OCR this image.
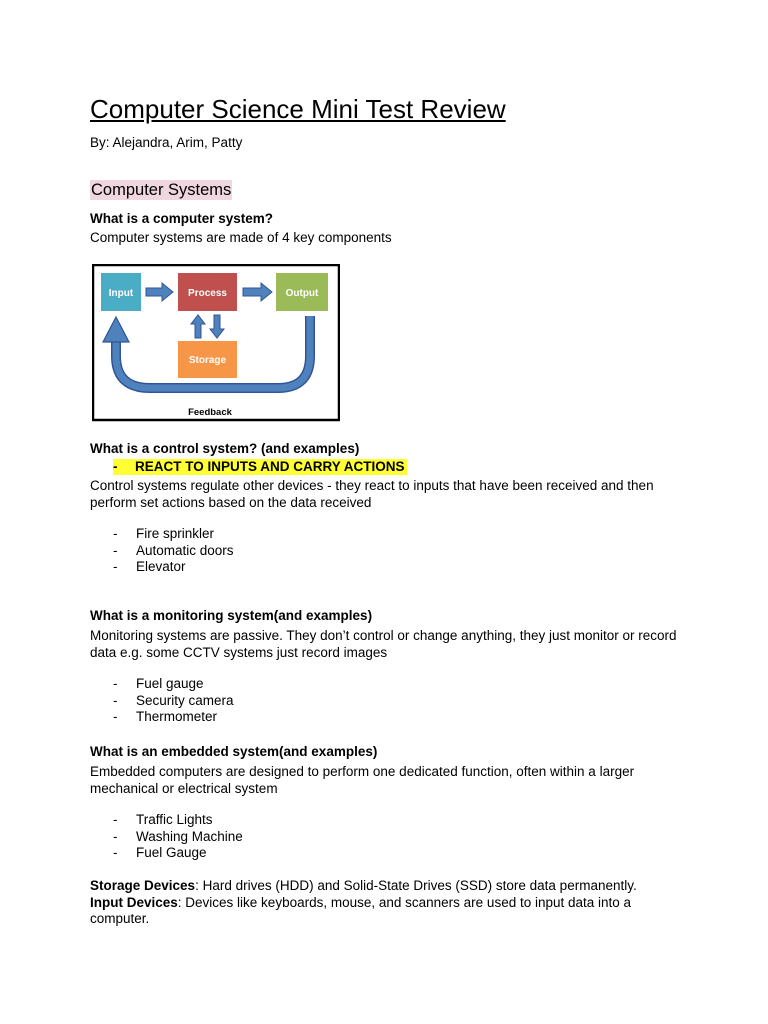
Computer Science Mini Test Review
By: Alejandra, Arim, Patty
Computer Systems
What is a computer system?
Computer systems are made of 4 key components
What is a control system? (and examples)
- REACT TO INPUTS AND CARRY ACTIONS
Control systems regulate other devices - they react to inputs that have been received and then perform set actions based on the data received
- Fire sprinkler
- Automatic doors
- Elevator
What is a monitoring system(and examples)
Monitoring systems are passive. They don’t control or change anything, they just monitor or record data e.g. some CCTV systems just record images
- Fuel gauge
- Security camera
- Thermometer
What is an embedded system(and examples)
Embedded computers are designed to perform one dedicated function, often within a larger mechanical or electrical system
- Traffic Lights
- Washing Machine
- Fuel Gauge
Storage Devices: Hard drives (HDD) and Solid-State Drives (SSD) store data permanently.
Input Devices: Devices like keyboards, mouse, and scanners are used to input data into a computer.
Input	Process	Output
Storage
Feedback
